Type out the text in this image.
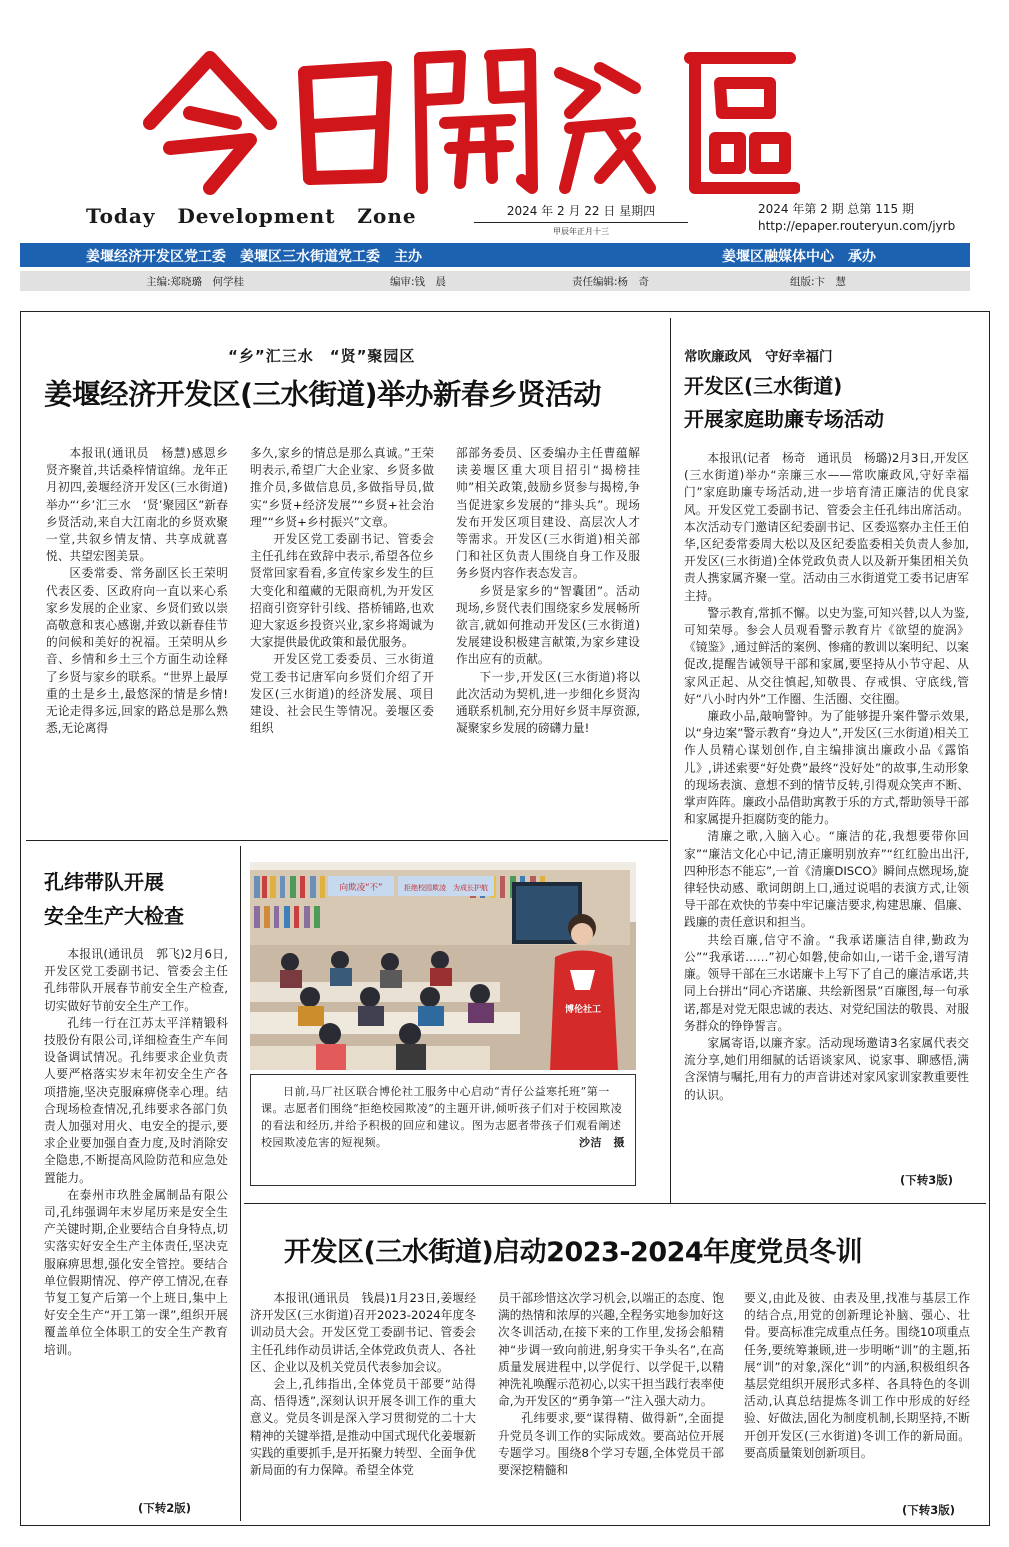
今日開發區
Today Development Zone	2024 年 2 月 22 日 星期四
甲辰年正月十三
2024 年第 2 期 总第 115 期
http://epaper.routeryun.com/jyrb
姜堰经济开发区党工委　姜堰区三水街道党工委　主办	姜堰区融媒体中心　承办
主编:郑晓璐　何学桂	编审:钱　晨	责任编辑:杨　奇	组版:卞　慧
“乡”汇三水　“贤”聚园区
姜堰经济开发区(三水街道)举办新春乡贤活动

本报讯(通讯员　杨慧)感恩乡贤齐聚首,共话桑梓情谊绵。龙年正月初四,姜堰经济开发区(三水街道)举办“‘乡’汇三水　‘贤’聚园区”新春乡贤活动,来自大江南北的乡贤欢聚一堂,共叙乡情友情、共享成就喜悦、共望宏图美景。

区委常委、常务副区长王荣明代表区委、区政府向一直以来心系家乡发展的企业家、乡贤们致以崇高敬意和衷心感谢,并致以新春佳节的问候和美好的祝福。王荣明从乡音、乡情和乡土三个方面生动诠释了乡贤与家乡的联系。“世界上最厚重的土是乡土,最悠深的情是乡情!无论走得多远,回家的路总是那么熟悉,无论离得

多久,家乡的情总是那么真诚。”王荣明表示,希望广大企业家、乡贤多做推介员,多做信息员,多做指导员,做实“乡贤+经济发展”“乡贤+社会治理”“乡贤+乡村振兴”文章。

开发区党工委副书记、管委会主任孔纬在致辞中表示,希望各位乡贤常回家看看,多宣传家乡发生的巨大变化和蕴藏的无限商机,为开发区招商引资穿针引线、搭桥铺路,也欢迎大家返乡投资兴业,家乡将竭诚为大家提供最优政策和最优服务。

开发区党工委委员、三水街道党工委书记唐军向乡贤们介绍了开发区(三水街道)的经济发展、项目建设、社会民生等情况。姜堰区委组织

部部务委员、区委编办主任曹蕴解读姜堰区重大项目招引“揭榜挂帅”相关政策,鼓励乡贤参与揭榜,争当促进家乡发展的“排头兵”。现场发布开发区项目建设、高层次人才等需求。开发区(三水街道)相关部门和社区负责人围绕自身工作及服务乡贤内容作表态发言。

乡贤是家乡的“智囊团”。活动现场,乡贤代表们围绕家乡发展畅所欲言,就如何推动开发区(三水街道)发展建设积极建言献策,为家乡建设作出应有的贡献。

下一步,开发区(三水街道)将以此次活动为契机,进一步细化乡贤沟通联系机制,充分用好乡贤丰厚资源,凝聚家乡发展的磅礴力量!

常吹廉政风　守好幸福门
开发区(三水街道)
开展家庭助廉专场活动

本报讯(记者　杨奇　通讯员　杨璐)2月3日,开发区(三水街道)举办“亲廉三水——常吹廉政风,守好幸福门”家庭助廉专场活动,进一步培育清正廉洁的优良家风。开发区党工委副书记、管委会主任孔纬出席活动。本次活动专门邀请区纪委副书记、区委巡察办主任王伯华,区纪委常委周大松以及区纪委监委相关负责人参加,开发区(三水街道)全体党政负责人以及新开集团相关负责人携家属齐聚一堂。活动由三水街道党工委书记唐军主持。

警示教育,常抓不懈。以史为鉴,可知兴替,以人为鉴,可知荣辱。参会人员观看警示教育片《欲望的旋涡》《镜鉴》,通过鲜活的案例、惨痛的教训以案明纪、以案促改,提醒告诫领导干部和家属,要坚持从小节守起、从家风正起、从交往慎起,知敬畏、存戒惧、守底线,管好“八小时内外”工作圈、生活圈、交往圈。

廉政小品,敲响警钟。为了能够提升案件警示效果,以“身边案”警示教育“身边人”,开发区(三水街道)相关工作人员精心谋划创作,自主编排演出廉政小品《露馅儿》,讲述索要“好处费”最终“没好处”的故事,生动形象的现场表演、意想不到的情节反转,引得观众笑声不断、掌声阵阵。廉政小品借助寓教于乐的方式,帮助领导干部和家属提升拒腐防变的能力。

清廉之歌,入脑入心。“廉洁的花,我想要带你回家”“廉洁文化心中记,清正廉明别放弃”“红红脸出出汗,四种形态不能忘”,一首《清廉DISCO》瞬间点燃现场,旋律轻快动感、歌词朗朗上口,通过说唱的表演方式,让领导干部在欢快的节奏中牢记廉洁要求,构建思廉、倡廉、践廉的责任意识和担当。

共绘百廉,信守不渝。“我承诺廉洁自律,勤政为公”“我承诺……”初心如磐,使命如山,一诺千金,谱写清廉。领导干部在三水诺廉卡上写下了自己的廉洁承诺,共同上台拼出“同心齐诺廉、共绘新图景”百廉图,每一句承诺,都是对党无限忠诚的表达、对党纪国法的敬畏、对服务群众的铮铮誓言。

家属寄语,以廉齐家。活动现场邀请3名家属代表交流分享,她们用细腻的话语谈家风、说家事、聊感悟,满含深情与嘱托,用有力的声音讲述对家风家训家教重要性的认识。

(下转3版)
孔纬带队开展
安全生产大检查

本报讯(通讯员　郭飞)2月6日,开发区党工委副书记、管委会主任孔纬带队开展春节前安全生产检查,切实做好节前安全生产工作。

孔纬一行在江苏太平洋精锻科技股份有限公司,详细检查生产车间设备调试情况。孔纬要求企业负责人要严格落实岁末年初安全生产各项措施,坚决克服麻痹侥幸心理。结合现场检查情况,孔纬要求各部门负责人加强对用火、电安全的提示,要求企业要加强自查力度,及时消除安全隐患,不断提高风险防范和应急处置能力。

在泰州市玖胜金属制品有限公司,孔纬强调年末岁尾历来是安全生产关键时期,企业要结合自身特点,切实落实好安全生产主体责任,坚决克服麻痹思想,强化安全管控。要结合单位假期情况、停产停工情况,在春节复工复产后第一个上班日,集中上好安全生产“开工第一课”,组织开展覆盖单位全体职工的安全生产教育培训。

(下转2版)
向欺凌“不”	拒绝校园欺凌　为成长护航
博伦社工
日前,马厂社区联合博伦社工服务中心启动“青仔公益寒托班”第一课。志愿者们围绕“拒绝校园欺凌”的主题开讲,倾听孩子们对于校园欺凌的看法和经历,并给予积极的回应和建议。图为志愿者带孩子们观看阐述校园欺凌危害的短视频。	沙洁　摄
开发区(三水街道)启动2023-2024年度党员冬训

本报讯(通讯员　钱晨)1月23日,姜堰经济开发区(三水街道)召开2023-2024年度冬训动员大会。开发区党工委副书记、管委会主任孔纬作动员讲话,全体党政负责人、各社区、企业以及机关党员代表参加会议。

会上,孔纬指出,全体党员干部要“站得高、悟得透”,深刻认识开展冬训工作的重大意义。党员冬训是深入学习贯彻党的二十大精神的关键举措,是推动中国式现代化姜堰新实践的重要抓手,是开拓聚力转型、全面争优新局面的有力保障。希望全体党

员干部珍惜这次学习机会,以端正的态度、饱满的热情和浓厚的兴趣,全程务实地参加好这次冬训活动,在接下来的工作里,发扬会船精神“步调一致向前进,躬身实干争头名”,在高质量发展进程中,以学促行、以学促干,以精神洗礼唤醒示范初心,以实干担当践行表率使命,为开发区的“勇争第一”注入强大动力。

孔纬要求,要“谋得精、做得新”,全面提升党员冬训工作的实际成效。要高站位开展专题学习。围绕8个学习专题,全体党员干部要深挖精髓和

要义,由此及彼、由表及里,找准与基层工作的结合点,用党的创新理论补脑、强心、壮骨。要高标准完成重点任务。围绕10项重点任务,要统筹兼顾,进一步明晰“训”的主题,拓展“训”的对象,深化“训”的内涵,积极组织各基层党组织开展形式多样、各具特色的冬训活动,认真总结提炼冬训工作中形成的好经验、好做法,固化为制度机制,长期坚持,不断开创开发区(三水街道)冬训工作的新局面。要高质量策划创新项目。

(下转3版)
